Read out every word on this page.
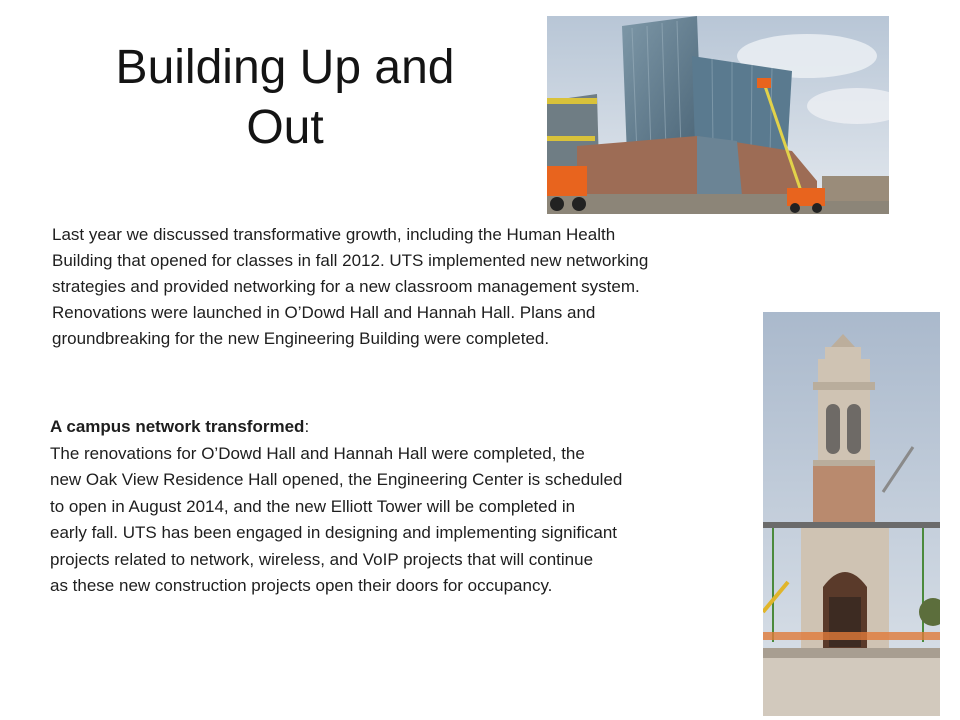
Building Up and
Out
Last year we discussed transformative growth, including the Human Health
Building that opened for classes in fall 2012. UTS implemented new networking
strategies and provided networking for a new classroom management system.
Renovations were launched in O’Dowd Hall and Hannah Hall. Plans and
groundbreaking for the new Engineering Building were completed.
A campus network transformed:
The renovations for O’Dowd Hall and Hannah Hall were completed, the
new Oak View Residence Hall opened, the Engineering Center is scheduled
to open in August 2014, and the new Elliott Tower will be completed in
early fall. UTS has been engaged in designing and implementing significant
projects related to network, wireless, and VoIP projects that will continue
as these new construction projects open their doors for occupancy.
